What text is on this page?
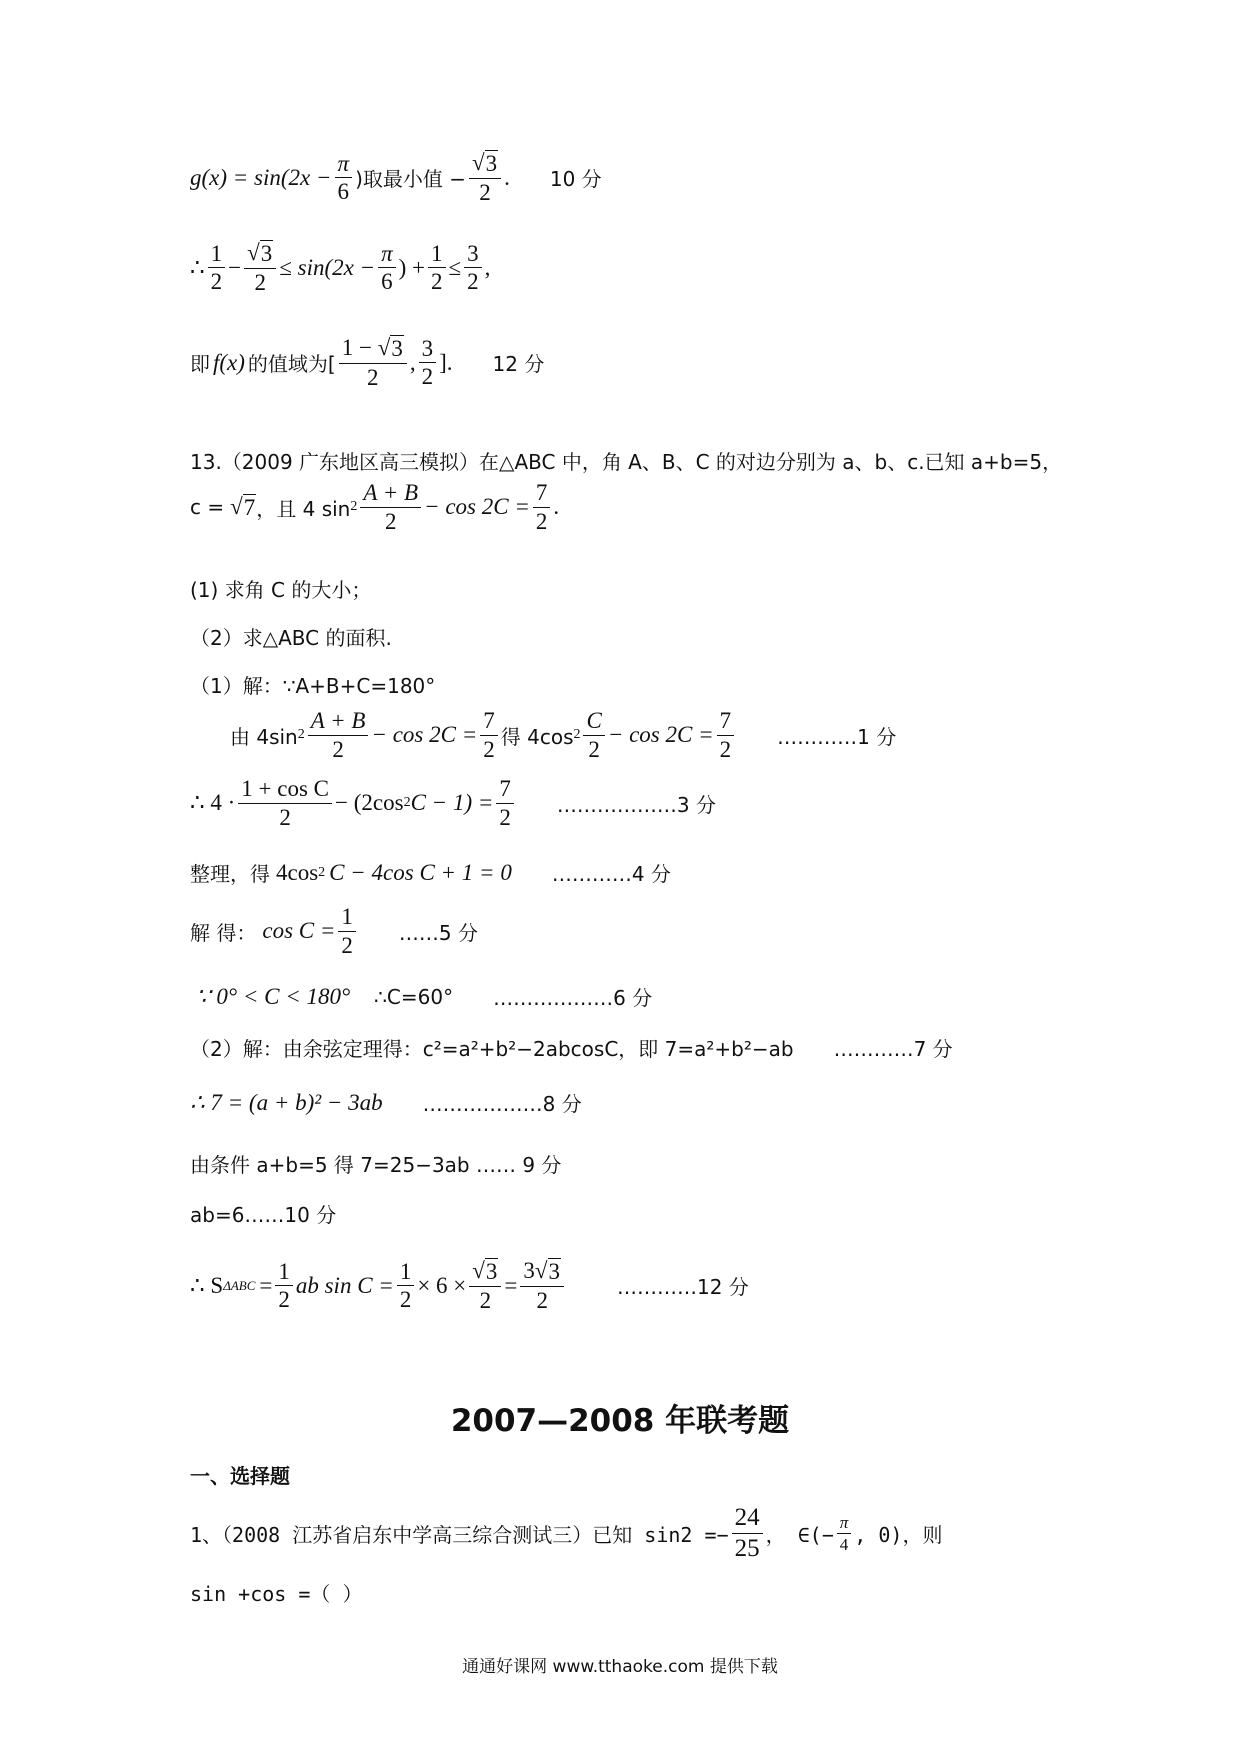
$g(x) = \sin(2x - \frac{\pi}{6}$ )取最小值 − $\frac{√ 3}{2}$ . 10 分
∴ $\frac{1}{2} - \frac{√ 3}{2} \le \sin(2x - \frac{\pi}{6}$ ) + $\frac{1}{2} \le \frac{3}{2}$ ,
即 f(x) 的值域为[ $\frac{1 - √ 3}{2}$ , $\frac{3}{2}$ ]. 12 分
13.（2009 广东地区高三模拟）在△ABC 中，角 A、B、C 的对边分别为 a、b、c.已知 a+b=5，
c = √ 7 ，且 4 $\sin 2 \frac{A + B}{2} - \cos 2C = \frac{7}{2}$ .
(1) 求角 C 的大小；
（2）求△ABC 的面积.
（1）解：∵A+B+C=180°
由 4sin $2 \frac{A + B}{2} - \cos 2C = \frac{7}{2}$ 得 4cos $2 \frac{C}{2} - \cos 2C = \frac{7}{2}$ …………1 分
∴ $4 \cdot \frac{\text{1 + cos C}}{2} - (2\cos$ 2 $C - 1) = \frac{7}{2}$ ………………3 分
整理，得 4cos 2 C − 4cos C + 1 = 0 …………4 分
解 得： $\cos C = \frac{1}{2}$ ……5 分
∵ 0° < C < 180° ∴C=60° ………………6 分
（2）解：由余弦定理得：c²=a²+b²−2abcosC，即 7=a²+b²−ab …………7 分
∴ 7 = (a + b)² − 3ab ………………8 分
由条件 a+b=5 得 7=25−3ab …… 9 分
ab=6……10 分
∴ S $\Delta ABC = \frac{1}{2}$ ab $\sin C = \frac{1}{2} \times 6 \times \frac{√ 3}{2} = \frac{3√ 3}{2}$	…………12 分
2007—2008 年联考题
一、选择题
1、（2008 江苏省启东中学高三综合测试三）已知 $\sin 2 =- \frac{24}{25}$ ， ∈(− $\frac{\pi}{4}$ , 0)，则
sin +cos =（ ）
通通好课网 www.tthaoke.com 提供下载
